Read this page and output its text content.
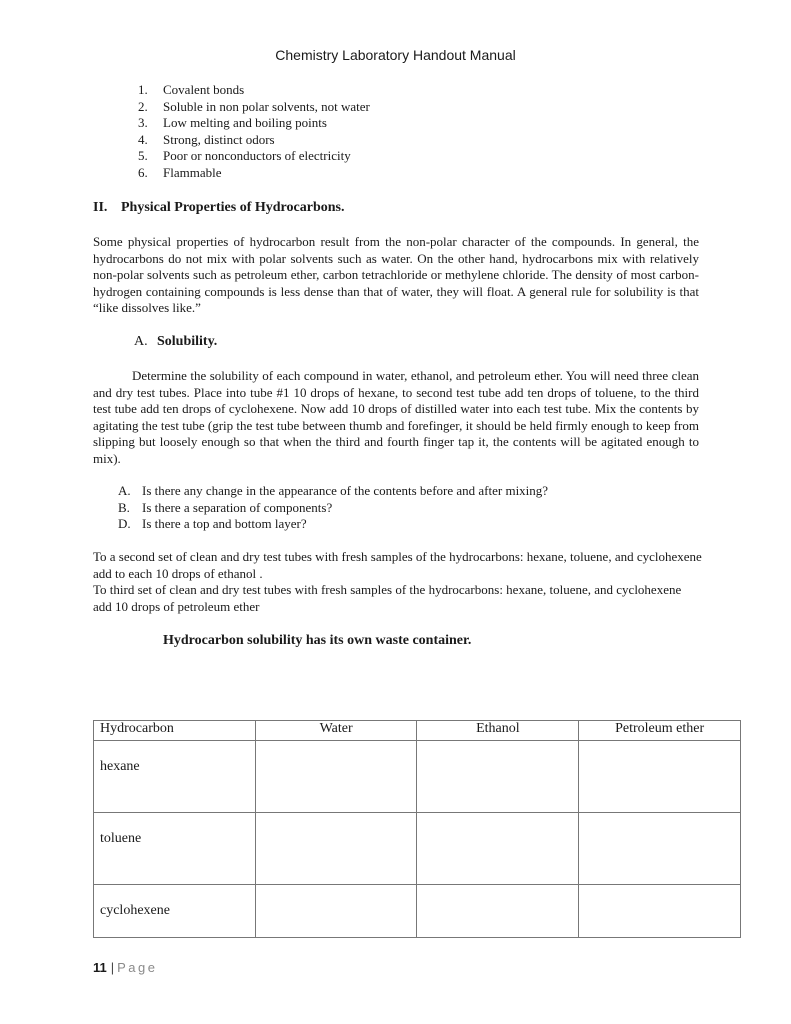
Chemistry Laboratory Handout Manual
1.	Covalent bonds
2.	Soluble in non polar solvents, not water
3.	Low melting and boiling points
4.	Strong, distinct odors
5.	Poor or nonconductors of electricity
6.	Flammable
II. Physical Properties of Hydrocarbons.

Some physical properties of hydrocarbon result from the non-polar character of the compounds. In general, the hydrocarbons do not mix with polar solvents such as water. On the other hand, hydrocarbons mix with relatively non-polar solvents such as petroleum ether, carbon tetrachloride or methylene chloride. The density of most carbon-hydrogen containing compounds is less dense than that of water, they will float. A general rule for solubility is that “like dissolves like.”

A. Solubility.

Determine the solubility of each compound in water, ethanol, and petroleum ether. You will need three clean and dry test tubes. Place into tube #1 10 drops of hexane, to second test tube add ten drops of toluene, to the third test tube add ten drops of cyclohexene. Now add 10 drops of distilled water into each test tube. Mix the contents by agitating the test tube (grip the test tube between thumb and forefinger, it should be held firmly enough to keep from slipping but loosely enough so that when the third and fourth finger tap it, the contents will be agitated enough to mix).

A. Is there any change in the appearance of the contents before and after mixing?
B. Is there a separation of components?
D. Is there a top and bottom layer?
To a second set of clean and dry test tubes with fresh samples of the hydrocarbons: hexane, toluene, and cyclohexene add to each 10 drops of ethanol .
To third set of clean and dry test tubes with fresh samples of the hydrocarbons: hexane, toluene, and cyclohexene add 10 drops of petroleum ether
Hydrocarbon solubility has its own waste container.
Hydrocarbon	Water	Ethanol	Petroleum ether
hexane			
toluene			
cyclohexene			
11 | Page
